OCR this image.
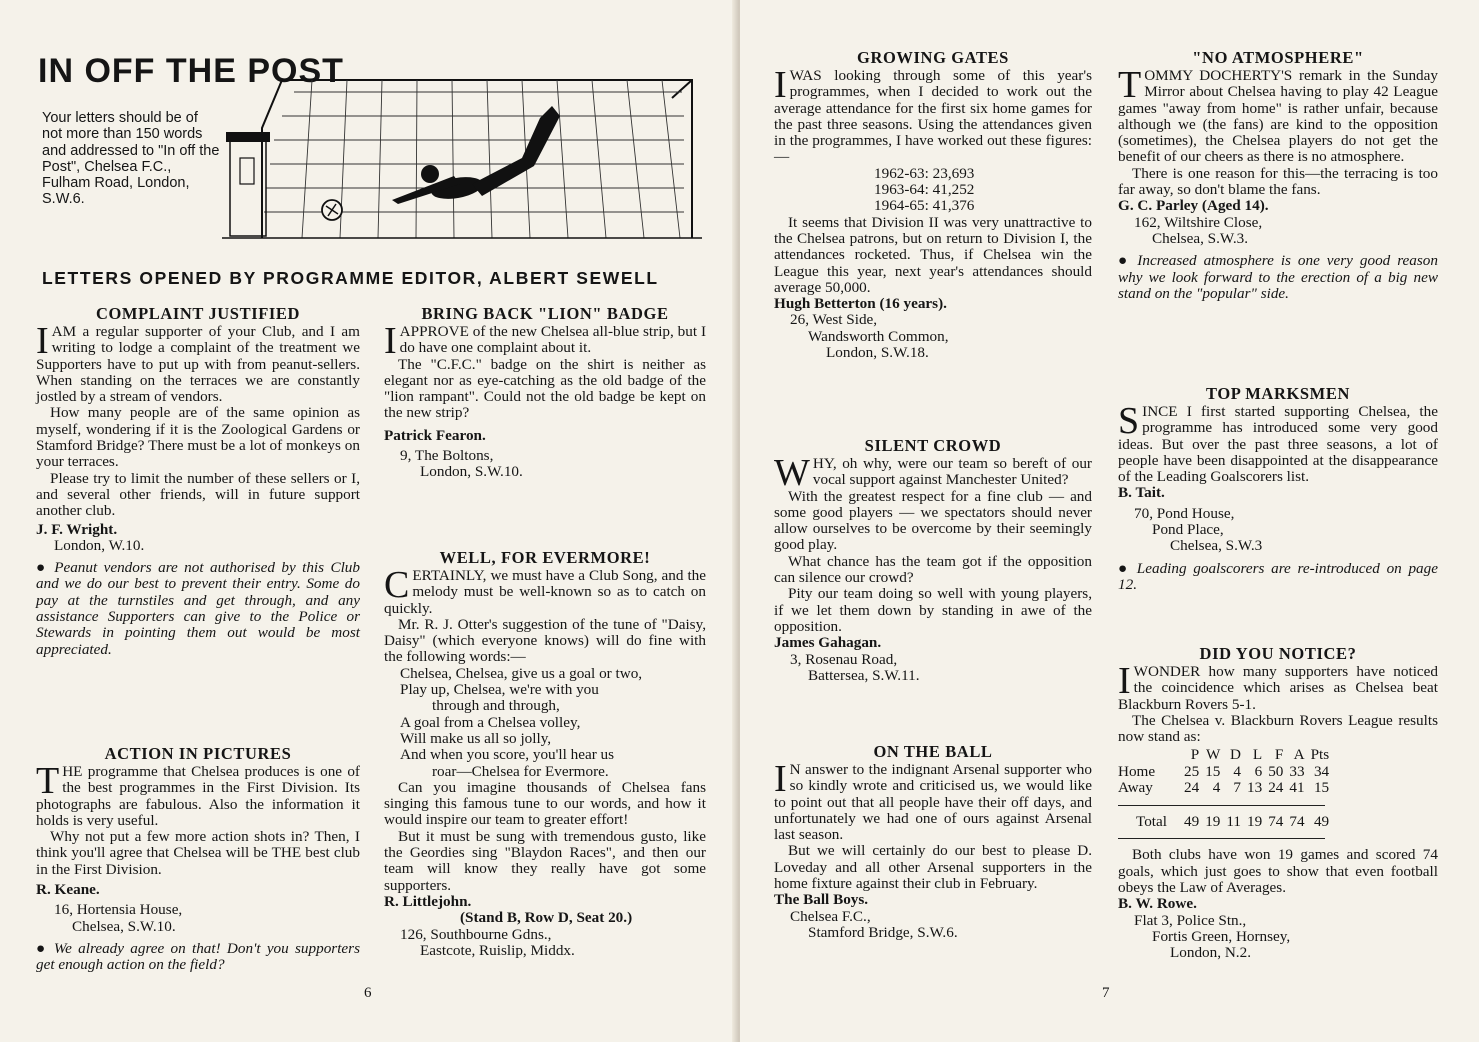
IN OFF THE POST
Your letters should be of not more than 150 words and addressed to "In off the Post", Chelsea F.C., Fulham Road, London, S.W.6.
LETTERS OPENED BY PROGRAMME EDITOR, ALBERT SEWELL
COMPLAINT JUSTIFIED

IAM a regular supporter of your Club, and I am writing to lodge a complaint of the treatment we Supporters have to put up with from peanut-sellers. When standing on the terraces we are constantly jostled by a stream of vendors.

How many people are of the same opinion as myself, wondering if it is the Zoological Gardens or Stamford Bridge? There must be a lot of monkeys on your terraces.

Please try to limit the number of these sellers or I, and several other friends, will in future support another club.

J. F. Wright.

London, W.10.

● Peanut vendors are not authorised by this Club and we do our best to prevent their entry. Some do pay at the turnstiles and get through, and any assistance Supporters can give to the Police or Stewards in pointing them out would be most appreciated.

ACTION IN PICTURES

THE programme that Chelsea produces is one of the best programmes in the First Division. Its photographs are fabulous. Also the information it holds is very useful.

Why not put a few more action shots in? Then, I think you'll agree that Chelsea will be THE best club in the First Division.

R. Keane.

16, Hortensia House,
Chelsea, S.W.10.

● We already agree on that! Don't you supporters get enough action on the field?

BRING BACK "LION" BADGE

IAPPROVE of the new Chelsea all-blue strip, but I do have one complaint about it.

The "C.F.C." badge on the shirt is neither as elegant nor as eye-catching as the old badge of the "lion rampant". Could not the old badge be kept on the new strip?

Patrick Fearon.

9, The Boltons,
London, S.W.10.

WELL, FOR EVERMORE!

CERTAINLY, we must have a Club Song, and the melody must be well-known so as to catch on quickly.

Mr. R. J. Otter's suggestion of the tune of "Daisy, Daisy" (which everyone knows) will do fine with the following words:—

Chelsea, Chelsea, give us a goal or two,
Play up, Chelsea, we're with you
through and through,
A goal from a Chelsea volley,
Will make us all so jolly,
And when you score, you'll hear us
roar—Chelsea for Evermore.

Can you imagine thousands of Chelsea fans singing this famous tune to our words, and how it would inspire our team to greater effort!

But it must be sung with tremendous gusto, like the Geordies sing "Blaydon Races", and then our team will know they really have got some supporters.

R. Littlejohn.

(Stand B, Row D, Seat 20.)

126, Southbourne Gdns.,
Eastcote, Ruislip, Middx.

6
GROWING GATES

IWAS looking through some of this year's programmes, when I decided to work out the average attendance for the first six home games for the past three seasons. Using the attendances given in the programmes, I have worked out these figures:—

1962-63: 23,693
1963-64: 41,252
1964-65: 41,376

It seems that Division II was very unattractive to the Chelsea patrons, but on return to Division I, the attendances rocketed. Thus, if Chelsea win the League this year, next year's attendances should average 50,000.

Hugh Betterton (16 years).

26, West Side,
Wandsworth Common,
London, S.W.18.

SILENT CROWD

WHY, oh why, were our team so bereft of our vocal support against Manchester United?

With the greatest respect for a fine club — and some good players — we spectators should never allow ourselves to be overcome by their seemingly good play.

What chance has the team got if the opposition can silence our crowd?

Pity our team doing so well with young players, if we let them down by standing in awe of the opposition.

James Gahagan.

3, Rosenau Road,
Battersea, S.W.11.

ON THE BALL

I N answer to the indignant Arsenal supporter who so kindly wrote and criticised us, we would like to point out that all people have their off days, and unfortunately we had one of ours against Arsenal last season.

But we will certainly do our best to please D. Loveday and all other Arsenal supporters in the home fixture against their club in February.

The Ball Boys.

Chelsea F.C.,
Stamford Bridge, S.W.6.

"NO ATMOSPHERE"

TOMMY DOCHERTY'S remark in the Sunday Mirror about Chelsea having to play 42 League games "away from home" is rather unfair, because although we (the fans) are kind to the opposition (sometimes), the Chelsea players do not get the benefit of our cheers as there is no atmosphere.

There is one reason for this—the terracing is too far away, so don't blame the fans.

G. C. Parley (Aged 14).

162, Wiltshire Close,
Chelsea, S.W.3.

● Increased atmosphere is one very good reason why we look forward to the erection of a big new stand on the "popular" side.

TOP MARKSMEN

SINCE I first started supporting Chelsea, the programme has introduced some very good ideas. But over the past three seasons, a lot of people have been disappointed at the disappearance of the Leading Goalscorers list.

B. Tait.

70, Pond House,
Pond Place,
Chelsea, S.W.3

● Leading goalscorers are re-introduced on page 12.

DID YOU NOTICE?

IWONDER how many supporters have noticed the coincidence which arises as Chelsea beat Blackburn Rovers 5-1.

The Chelsea v. Blackburn Rovers League results now stand as:

	P	W	D	L	F	A	Pts
Home	25	15	4	6	50	33	34
Away	24	4	7	13	24	41	15

Total	49	19	11	19	74	74	49

Both clubs have won 19 games and scored 74 goals, which just goes to show that even football obeys the Law of Averages.

B. W. Rowe.

Flat 3, Police Stn.,
Fortis Green, Hornsey,
London, N.2.

7
